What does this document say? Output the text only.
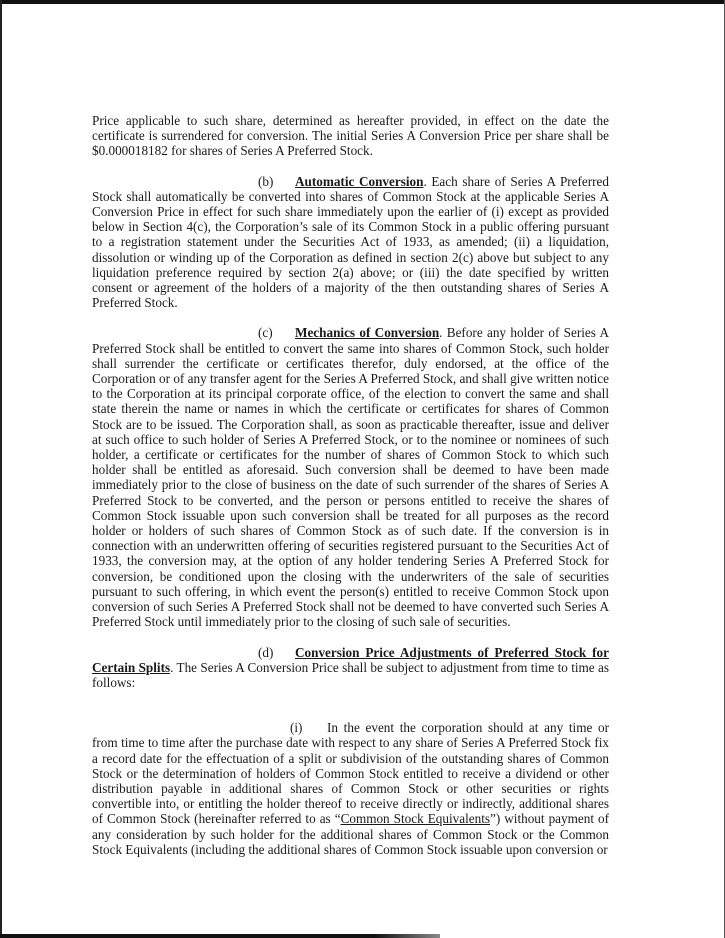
Price applicable to such share, determined as hereafter provided, in effect on the date the certificate is surrendered for conversion. The initial Series A Conversion Price per share shall be $0.000018182 for shares of Series A Preferred Stock.

(b) Automatic Conversion. Each share of Series A Preferred Stock shall automatically be converted into shares of Common Stock at the applicable Series A Conversion Price in effect for such share immediately upon the earlier of (i) except as provided below in Section 4(c), the Corporation’s sale of its Common Stock in a public offering pursuant to a registration statement under the Securities Act of 1933, as amended; (ii) a liquidation, dissolution or winding up of the Corporation as defined in section 2(c) above but subject to any liquidation preference required by section 2(a) above; or (iii) the date specified by written consent or agreement of the holders of a majority of the then outstanding shares of Series A Preferred Stock.

(c) Mechanics of Conversion. Before any holder of Series A Preferred Stock shall be entitled to convert the same into shares of Common Stock, such holder shall surrender the certificate or certificates therefor, duly endorsed, at the office of the Corporation or of any transfer agent for the Series A Preferred Stock, and shall give written notice to the Corporation at its principal corporate office, of the election to convert the same and shall state therein the name or names in which the certificate or certificates for shares of Common Stock are to be issued. The Corporation shall, as soon as practicable thereafter, issue and deliver at such office to such holder of Series A Preferred Stock, or to the nominee or nominees of such holder, a certificate or certificates for the number of shares of Common Stock to which such holder shall be entitled as aforesaid. Such conversion shall be deemed to have been made immediately prior to the close of business on the date of such surrender of the shares of Series A Preferred Stock to be converted, and the person or persons entitled to receive the shares of Common Stock issuable upon such conversion shall be treated for all purposes as the record holder or holders of such shares of Common Stock as of such date. If the conversion is in connection with an underwritten offering of securities registered pursuant to the Securities Act of 1933, the conversion may, at the option of any holder tendering Series A Preferred Stock for conversion, be conditioned upon the closing with the underwriters of the sale of securities pursuant to such offering, in which event the person(s) entitled to receive Common Stock upon conversion of such Series A Preferred Stock shall not be deemed to have converted such Series A Preferred Stock until immediately prior to the closing of such sale of securities.

(d) Conversion Price Adjustments of Preferred Stock for Certain Splits. The Series A Conversion Price shall be subject to adjustment from time to time as follows:

(i) In the event the corporation should at any time or from time to time after the purchase date with respect to any share of Series A Preferred Stock fix a record date for the effectuation of a split or subdivision of the outstanding shares of Common Stock or the determination of holders of Common Stock entitled to receive a dividend or other distribution payable in additional shares of Common Stock or other securities or rights convertible into, or entitling the holder thereof to receive directly or indirectly, additional shares of Common Stock (hereinafter referred to as “Common Stock Equivalents”) without payment of any consideration by such holder for the additional shares of Common Stock or the Common Stock Equivalents (including the additional shares of Common Stock issuable upon conversion or
